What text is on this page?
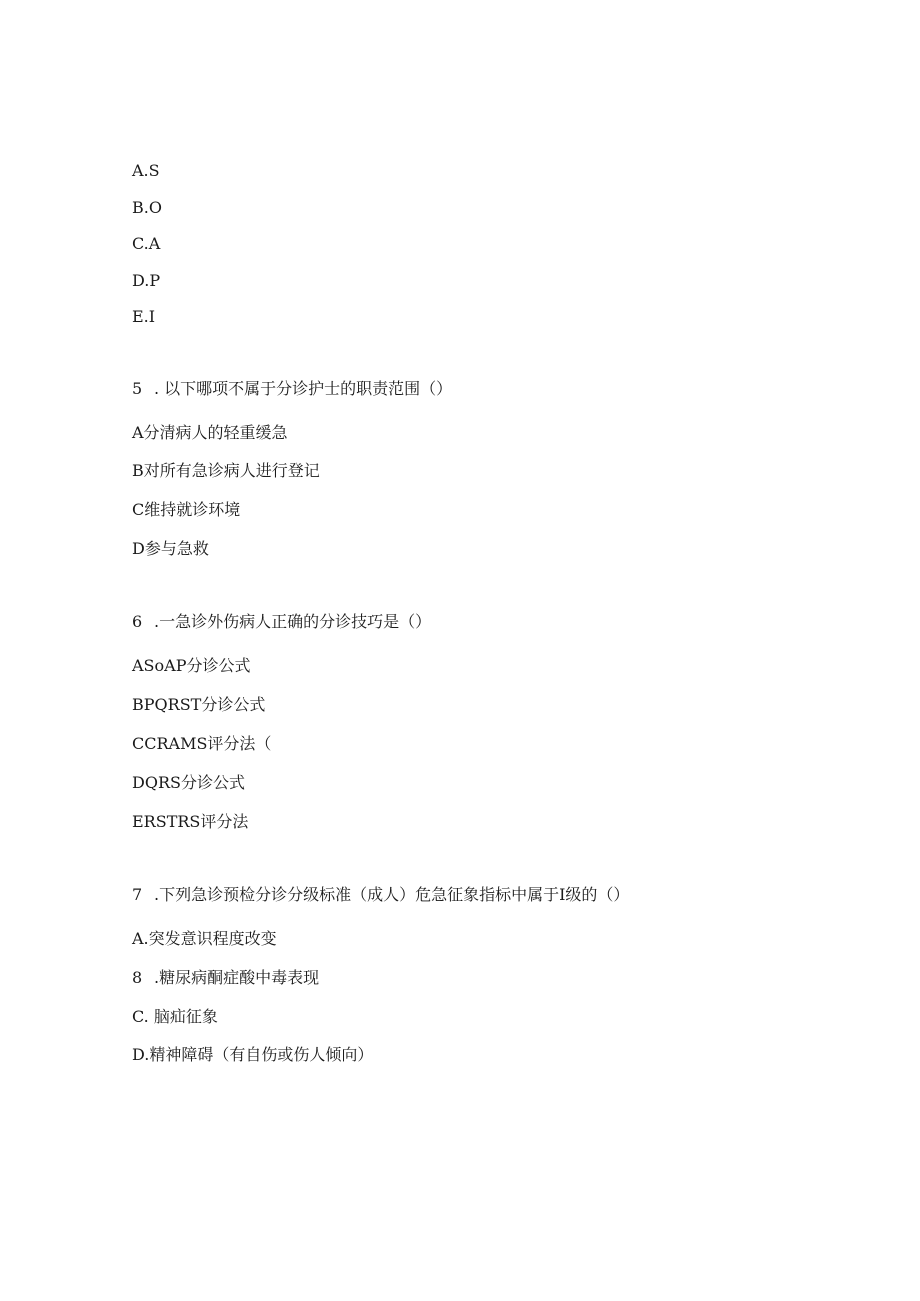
A.S
B.O
C.A
D.P
E.I
5 . 以下哪项不属于分诊护士的职责范围（）
A分清病人的轻重缓急
B对所有急诊病人进行登记
C维持就诊环境
D参与急救
6 .一急诊外伤病人正确的分诊技巧是（）
ASoAP分诊公式
BPQRST分诊公式
CCRAMS评分法（
DQRS分诊公式
ERSTRS评分法
7 .下列急诊预检分诊分级标准（成人）危急征象指标中属于I级的（）
A.突发意识程度改变
8 .糖尿病酮症酸中毒表现
C. 脑疝征象
D.精神障碍（有自伤或伤人倾向）
